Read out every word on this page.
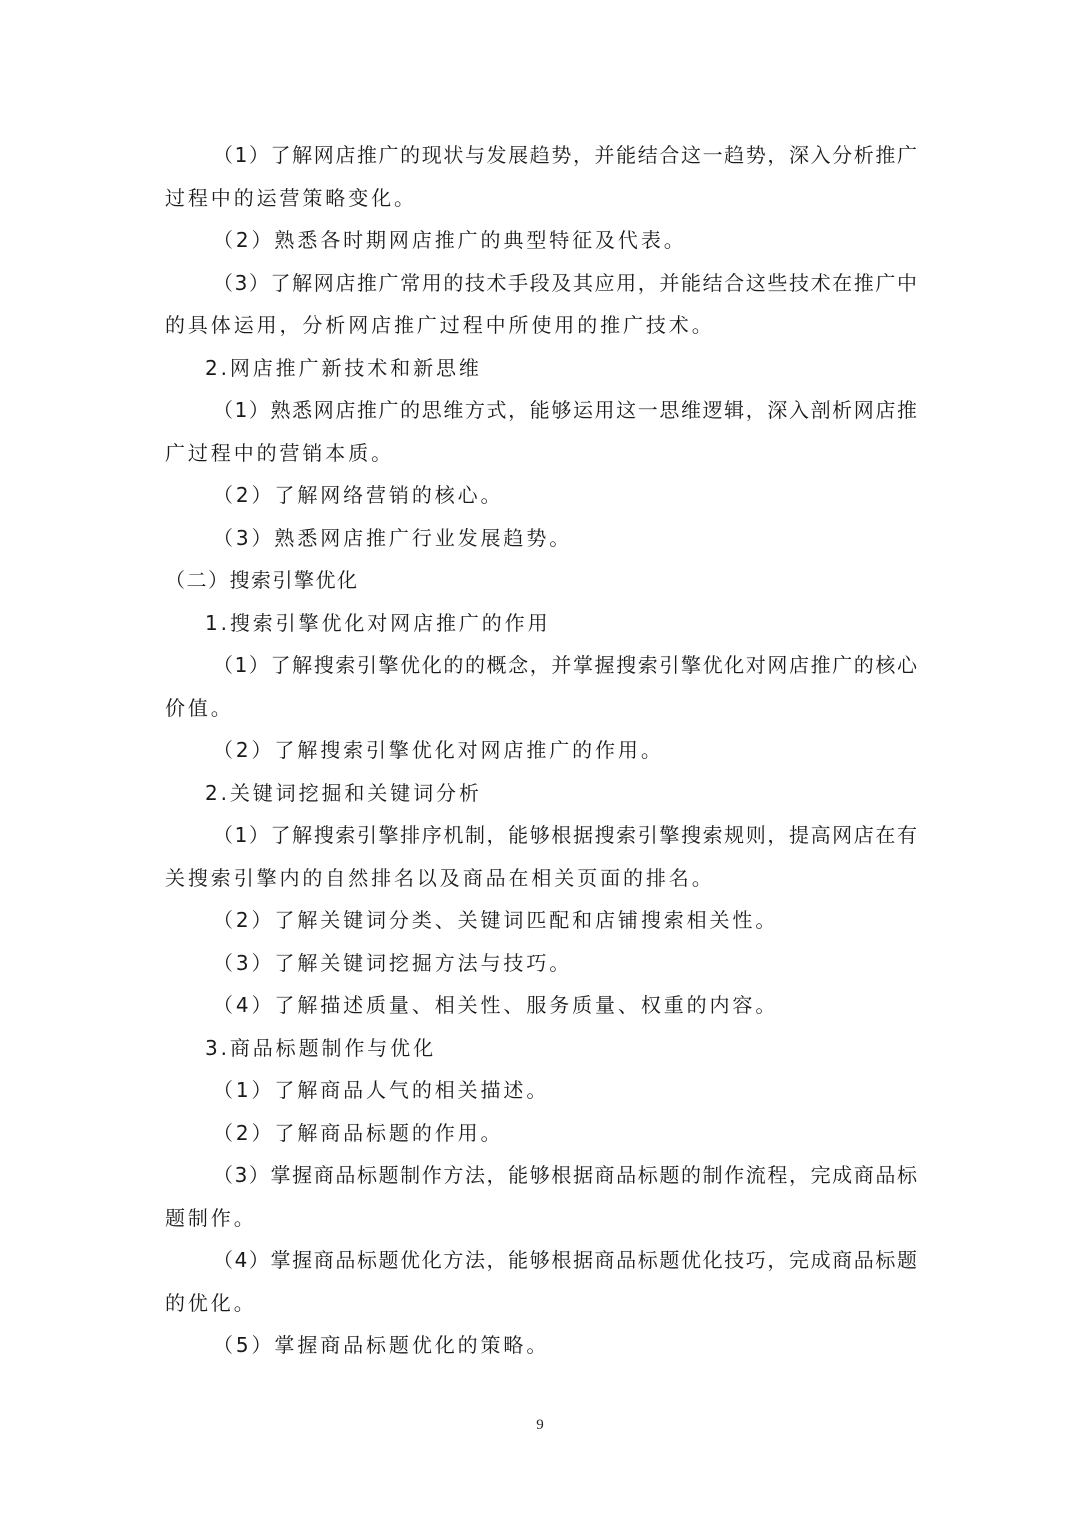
（1）了解网店推广的现状与发展趋势，并能结合这一趋势，深入分析推广
过程中的运营策略变化。
（2）熟悉各时期网店推广的典型特征及代表。
（3）了解网店推广常用的技术手段及其应用，并能结合这些技术在推广中
的具体运用，分析网店推广过程中所使用的推广技术。
2.网店推广新技术和新思维
（1）熟悉网店推广的思维方式，能够运用这一思维逻辑，深入剖析网店推
广过程中的营销本质。
（2）了解网络营销的核心。
（3）熟悉网店推广行业发展趋势。
（二）搜索引擎优化
1.搜索引擎优化对网店推广的作用
（1）了解搜索引擎优化的的概念，并掌握搜索引擎优化对网店推广的核心
价值。
（2）了解搜索引擎优化对网店推广的作用。
2.关键词挖掘和关键词分析
（1）了解搜索引擎排序机制，能够根据搜索引擎搜索规则，提高网店在有
关搜索引擎内的自然排名以及商品在相关页面的排名。
（2）了解关键词分类、关键词匹配和店铺搜索相关性。
（3）了解关键词挖掘方法与技巧。
（4）了解描述质量、相关性、服务质量、权重的内容。
3.商品标题制作与优化
（1）了解商品人气的相关描述。
（2）了解商品标题的作用。
（3）掌握商品标题制作方法，能够根据商品标题的制作流程，完成商品标
题制作。
（4）掌握商品标题优化方法，能够根据商品标题优化技巧，完成商品标题
的优化。
（5）掌握商品标题优化的策略。
9
